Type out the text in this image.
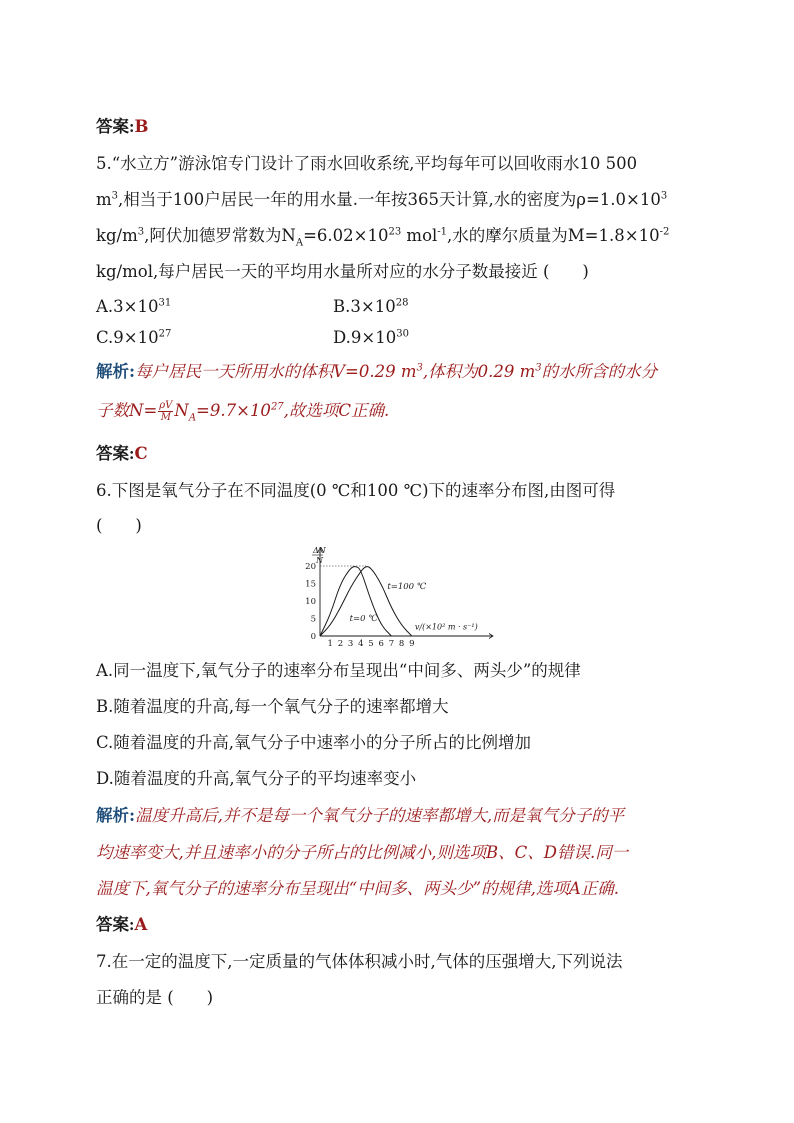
答案:B
5.“水立方”游泳馆专门设计了雨水回收系统,平均每年可以回收雨水10 500
$m^3$,相当于100户居民一年的用水量.一年按365天计算,水的密度为$\rho=1.0\times 10^3$
$kg/m^3$,阿伏加德罗常数为$N_A=6.02\times 10^{23}$ mol$^{-1}$,水的摩尔质量为$M=1.8\times 10^{-2}$
kg/mol,每户居民一天的平均用水量所对应的水分子数最接近 (　　)
$A.3\times 10^{31}$	$B.3\times 10^{28}$
$C.9\times 10^{27}$	$D.9\times 10^{30}$
解析:每户居民一天所用水的体积V=0.29 $m^3$,体积为0.29 $m^3$的水所含的水分
子数$N= \frac{\rho V}{M} N_A=9.7\times 10^{27}$,故选项C正确.
答案:C
6.下图是氧气分子在不同温度(0 ℃和100 ℃)下的速率分布图,由图可得
(　　)
ΔN
N
0
5
10
15
20
1 2 3 4 5 6 7 8 9
t=100 ℃
t=0 ℃
v/(×10² m · s⁻¹)
A.同一温度下,氧气分子的速率分布呈现出“中间多、两头少”的规律
B.随着温度的升高,每一个氧气分子的速率都增大
C.随着温度的升高,氧气分子中速率小的分子所占的比例增加
D.随着温度的升高,氧气分子的平均速率变小
解析:温度升高后,并不是每一个氧气分子的速率都增大,而是氧气分子的平
均速率变大,并且速率小的分子所占的比例减小,则选项B、C、D错误.同一
温度下,氧气分子的速率分布呈现出“中间多、两头少”的规律,选项A正确.
答案:A
7.在一定的温度下,一定质量的气体体积减小时,气体的压强增大,下列说法
正确的是 (　　)
